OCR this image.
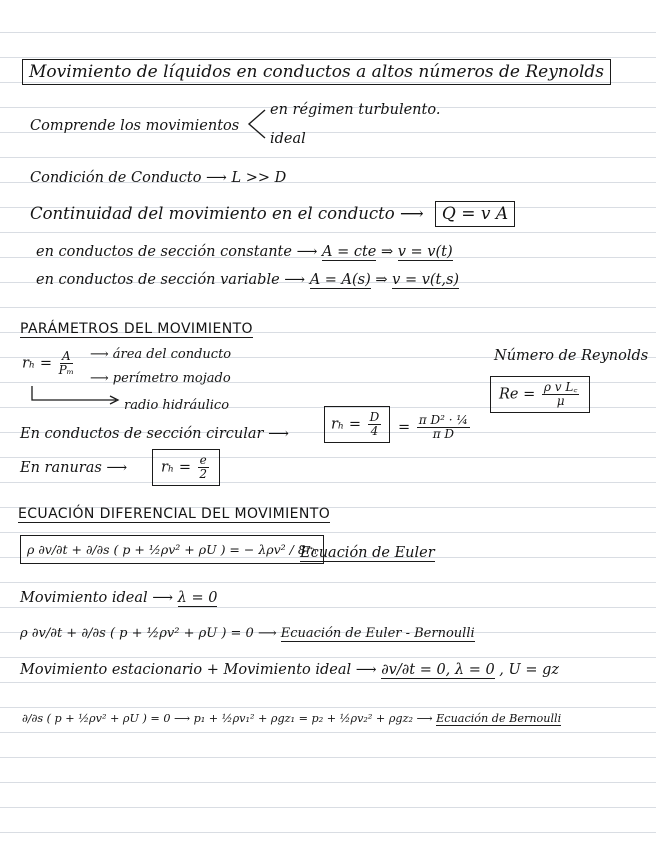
Movimiento de líquidos en conductos a altos números de Reynolds
Comprende los movimientos
en régimen turbulento.
ideal
Condición de Conducto ⟶ L >> D
Continuidad del movimiento en el conducto ⟶ Q = v A
en conductos de sección constante ⟶ A = cte ⇒ v = v(t)
en conductos de sección variable ⟶ A = A(s) ⇒ v = v(t,s)
PARÁMETROS DEL MOVIMIENTO
$r_h = \frac{A}{\text{Pₘ}}$ ⟶ área del conducto
⟶ perímetro mojado
radio hidráulico
Número de Reynolds
$Re = \frac{\text{ρ v L꜀}}{\mu}$
En conductos de sección circular ⟶
$r_h = \frac{D}{4} = \frac{\text{π D² · ¼}}{\text{π D}}$
En ranuras ⟶	$r_h = \frac{e}{2}$
ECUACIÓN DIFERENCIAL DEL MOVIMIENTO
ρ ∂v/∂t + ∂/∂s ( p + ½ρv² + ρU ) = − λρv² / 8rₕ
Ecuación de Euler
Movimiento ideal ⟶ λ = 0
ρ ∂v/∂t + ∂/∂s ( p + ½ρv² + ρU ) = 0 ⟶ Ecuación de Euler - Bernoulli
Movimiento estacionario + Movimiento ideal ⟶ ∂v/∂t = 0, λ = 0 , U = gz
∂/∂s ( p + ½ρv² + ρU ) = 0 ⟶ p₁ + ½ρv₁² + ρgz₁ = p₂ + ½ρv₂² + ρgz₂ ⟶ Ecuación de Bernoulli
